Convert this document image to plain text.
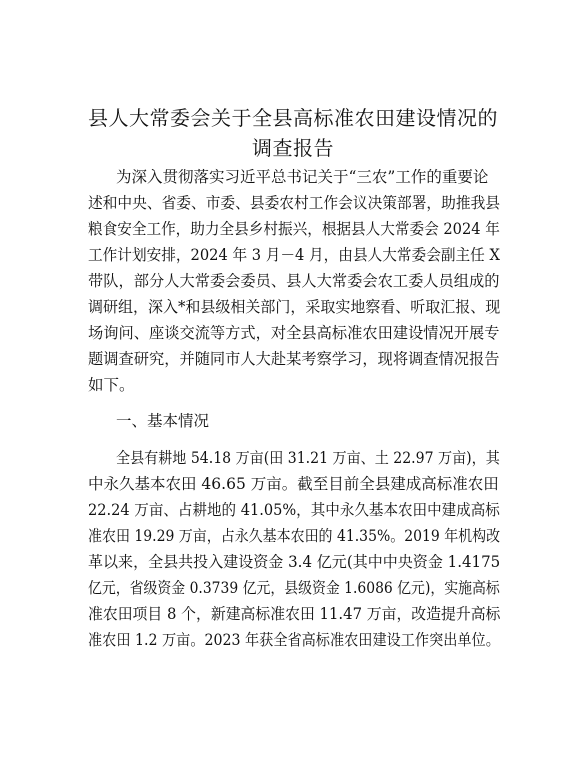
县人大常委会关于全县高标准农田建设情况的
调查报告
为深入贯彻落实习近平总书记关于“三农”工作的重要论
述和中央、省委、市委、县委农村工作会议决策部署，助推我县
粮食安全工作，助力全县乡村振兴，根据县人大常委会 2024 年
工作计划安排，2024 年 3 月－4 月，由县人大常委会副主任 X
带队，部分人大常委会委员、县人大常委会农工委人员组成的
调研组，深入*和县级相关部门，采取实地察看、听取汇报、现
场询问、座谈交流等方式，对全县高标准农田建设情况开展专
题调查研究，并随同市人大赴某考察学习，现将调查情况报告
如下。
一、基本情况
全县有耕地 54.18 万亩(田 31.21 万亩、土 22.97 万亩)，其
中永久基本农田 46.65 万亩。截至目前全县建成高标准农田
22.24 万亩、占耕地的 41.05%，其中永久基本农田中建成高标
准农田 19.29 万亩，占永久基本农田的 41.35%。2019 年机构改
革以来，全县共投入建设资金 3.4 亿元(其中中央资金 1.4175
亿元，省级资金 0.3739 亿元，县级资金 1.6086 亿元)，实施高标
准农田项目 8 个，新建高标准农田 11.47 万亩，改造提升高标
准农田 1.2 万亩。2023 年获全省高标准农田建设工作突出单位。
